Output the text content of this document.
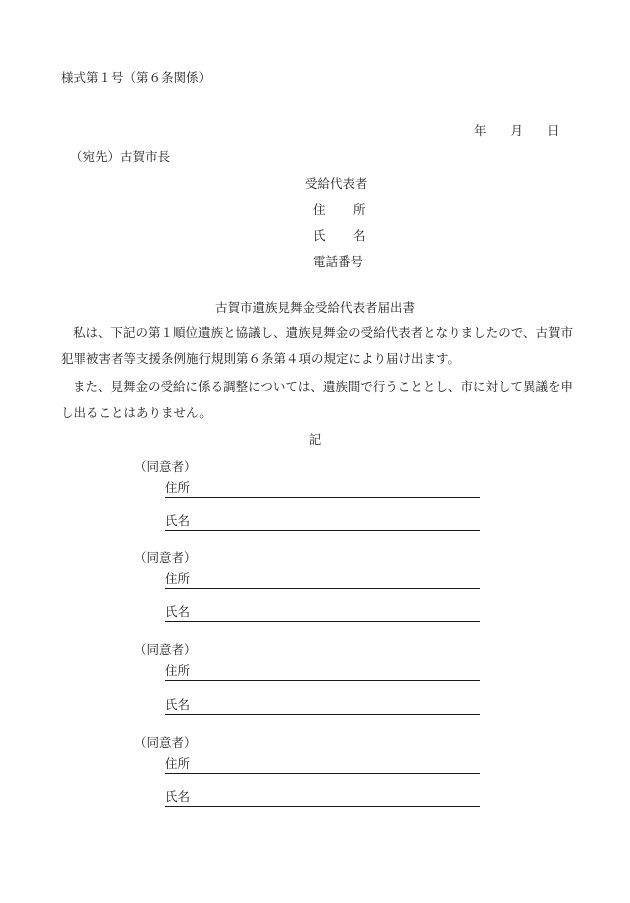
様式第１号（第６条関係）
年 月 日
（宛先）古賀市長
受給代表者
住 所
氏 名
電話番号
古賀市遺族見舞金受給代表者届出書
私は、下記の第１順位遺族と協議し、遺族見舞金の受給代表者となりましたので、古賀市犯罪被害者等支援条例施行規則第６条第４項の規定により届け出ます。
また、見舞金の受給に係る調整については、遺族間で行うこととし、市に対して異議を申し出ることはありません。
記
（同意者）
住所
氏名
（同意者）
住所
氏名
（同意者）
住所
氏名
（同意者）
住所
氏名
